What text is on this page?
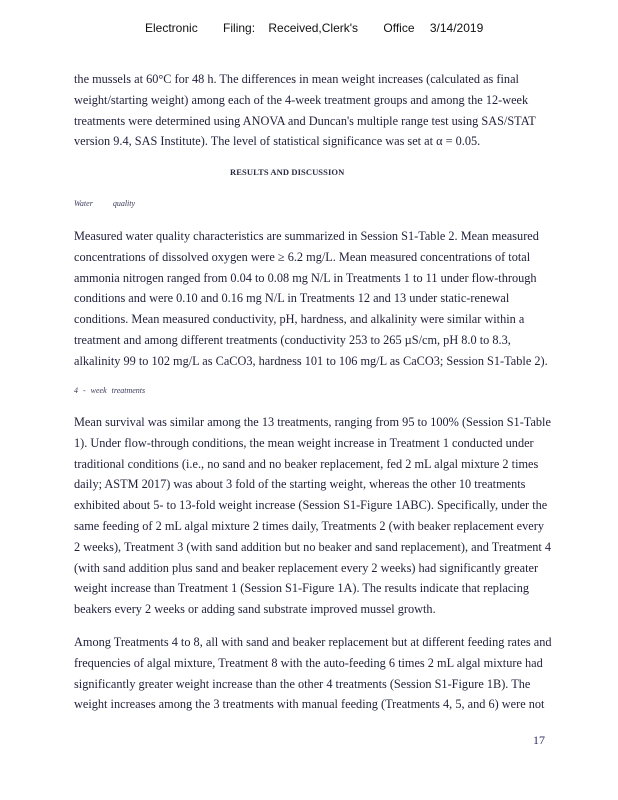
Electronic Filing: Received,Clerk's Office 3/14/2019
the mussels at 60°C for 48 h. The differences in mean weight increases (calculated as final
weight/starting weight) among each of the 4-week treatment groups and among the 12-week
treatments were determined using ANOVA and Duncan's multiple range test using SAS/STAT
version 9.4, SAS Institute). The level of statistical significance was set at α = 0.05.
RESULTS AND DISCUSSION
Water quality
Measured water quality characteristics are summarized in Session S1-Table 2. Mean measured
concentrations of dissolved oxygen were ≥ 6.2 mg/L. Mean measured concentrations of total
ammonia nitrogen ranged from 0.04 to 0.08 mg N/L in Treatments 1 to 11 under flow-through
conditions and were 0.10 and 0.16 mg N/L in Treatments 12 and 13 under static-renewal
conditions. Mean measured conductivity, pH, hardness, and alkalinity were similar within a
treatment and among different treatments (conductivity 253 to 265 µS/cm, pH 8.0 to 8.3,
alkalinity 99 to 102 mg/L as CaCO3, hardness 101 to 106 mg/L as CaCO3; Session S1-Table 2).
4 - week treatments
Mean survival was similar among the 13 treatments, ranging from 95 to 100% (Session S1-Table
1). Under flow-through conditions, the mean weight increase in Treatment 1 conducted under
traditional conditions (i.e., no sand and no beaker replacement, fed 2 mL algal mixture 2 times
daily; ASTM 2017) was about 3 fold of the starting weight, whereas the other 10 treatments
exhibited about 5- to 13-fold weight increase (Session S1-Figure 1ABC). Specifically, under the
same feeding of 2 mL algal mixture 2 times daily, Treatments 2 (with beaker replacement every
2 weeks), Treatment 3 (with sand addition but no beaker and sand replacement), and Treatment 4
(with sand addition plus sand and beaker replacement every 2 weeks) had significantly greater
weight increase than Treatment 1 (Session S1-Figure 1A). The results indicate that replacing
beakers every 2 weeks or adding sand substrate improved mussel growth.
Among Treatments 4 to 8, all with sand and beaker replacement but at different feeding rates and
frequencies of algal mixture, Treatment 8 with the auto-feeding 6 times 2 mL algal mixture had
significantly greater weight increase than the other 4 treatments (Session S1-Figure 1B). The
weight increases among the 3 treatments with manual feeding (Treatments 4, 5, and 6) were not
17
